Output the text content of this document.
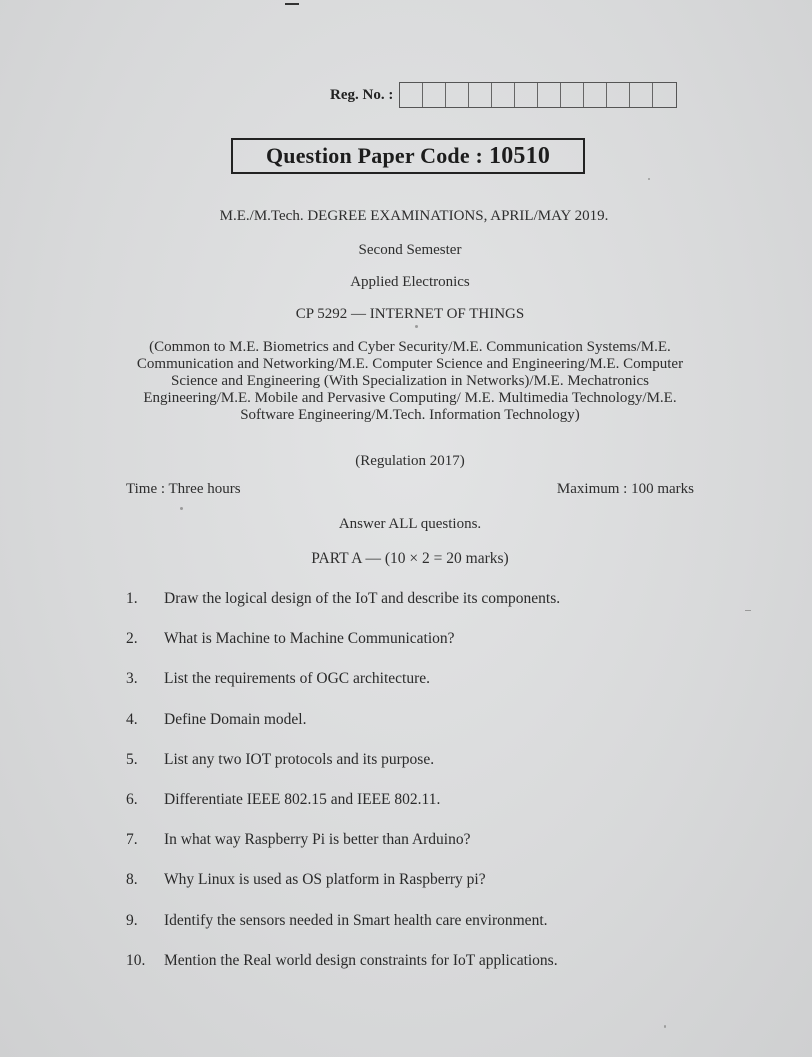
Reg. No. :
Question Paper Code : 10510
M.E./M.Tech. DEGREE EXAMINATIONS, APRIL/MAY 2019.
Second Semester
Applied Electronics
CP 5292 — INTERNET OF THINGS
(Common to M.E. Biometrics and Cyber Security/M.E. Communication Systems/M.E. Communication and Networking/M.E. Computer Science and Engineering/M.E. Computer Science and Engineering (With Specialization in Networks)/M.E. Mechatronics Engineering/M.E. Mobile and Pervasive Computing/ M.E. Multimedia Technology/M.E. Software Engineering/M.Tech. Information Technology)
(Regulation 2017)
Time : Three hours	Maximum : 100 marks
Answer ALL questions.
PART A — (10 × 2 = 20 marks)
1.	Draw the logical design of the IoT and describe its components.
2.	What is Machine to Machine Communication?
3.	List the requirements of OGC architecture.
4.	Define Domain model.
5.	List any two IOT protocols and its purpose.
6.	Differentiate IEEE 802.15 and IEEE 802.11.
7.	In what way Raspberry Pi is better than Arduino?
8.	Why Linux is used as OS platform in Raspberry pi?
9.	Identify the sensors needed in Smart health care environment.
10.	Mention the Real world design constraints for IoT applications.
